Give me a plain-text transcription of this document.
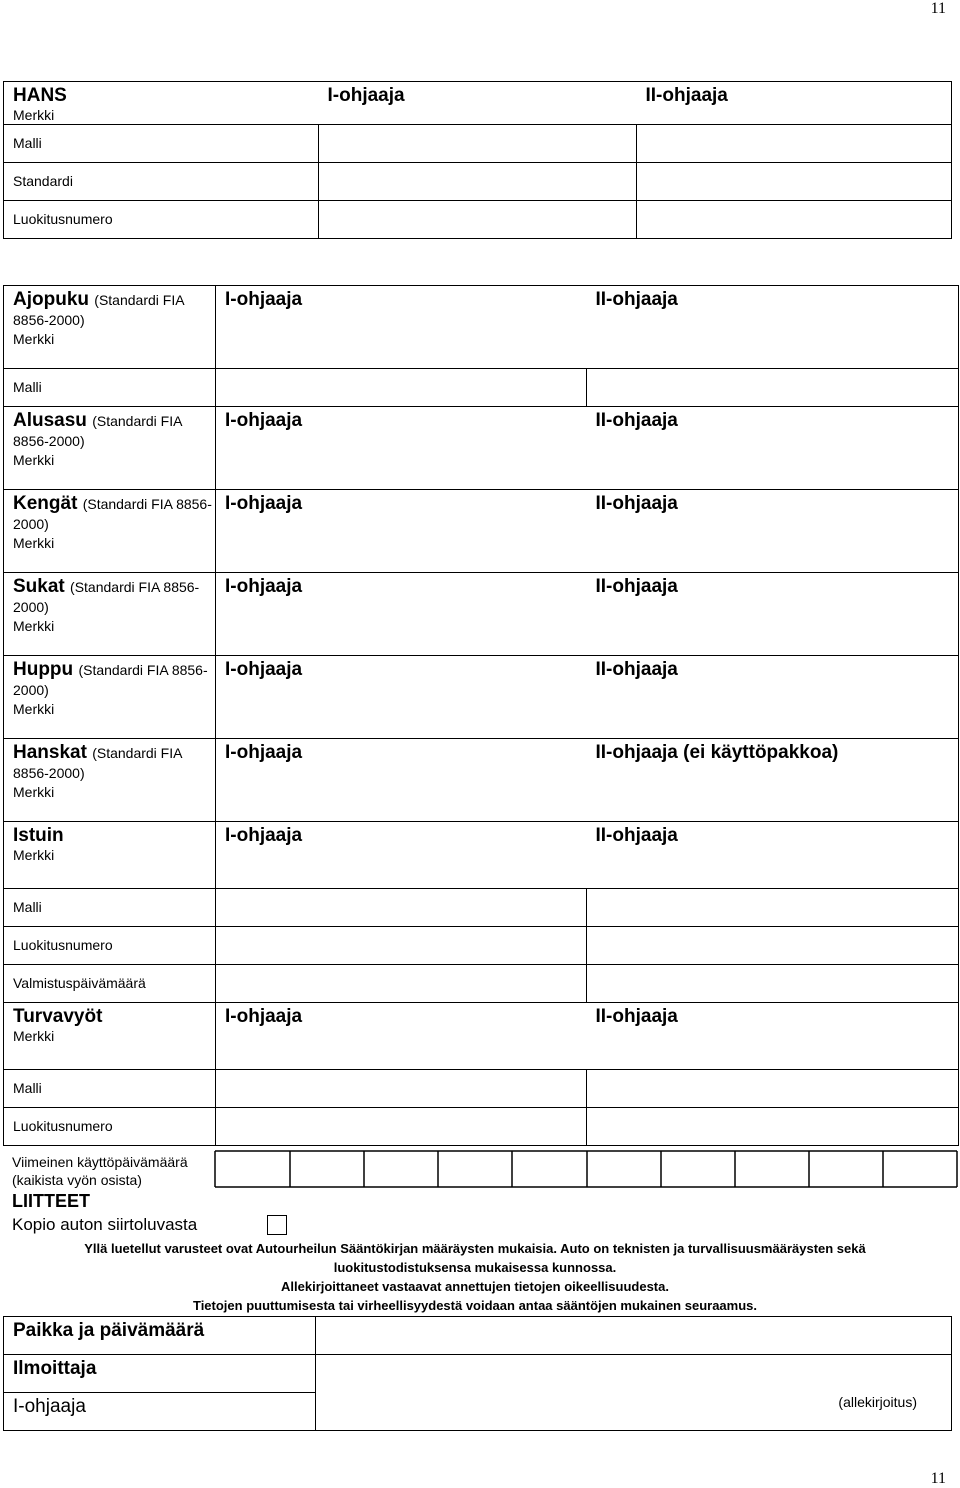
11
HANS
Merkki	I-ohjaaja	II-ohjaaja

Malli		

Standardi		

Luokitusnumero		

Ajopuku (Standardi FIA 8856-2000)
Merkki	I-ohjaaja	II-ohjaaja

Malli		

Alusasu (Standardi FIA 8856-2000)
Merkki	I-ohjaaja	II-ohjaaja

Kengät (Standardi FIA 8856-2000)
Merkki	I-ohjaaja	II-ohjaaja

Sukat (Standardi FIA 8856-2000)
Merkki	I-ohjaaja	II-ohjaaja

Huppu (Standardi FIA 8856-2000)
Merkki	I-ohjaaja	II-ohjaaja

Hanskat (Standardi FIA 8856-2000)
Merkki	I-ohjaaja	II-ohjaaja (ei käyttöpakkoa)

Istuin
Merkki	I-ohjaaja	II-ohjaaja

Malli		

Luokitusnumero		

Valmistuspäivämäärä		

Turvavyöt
Merkki	I-ohjaaja	II-ohjaaja

Malli		

Luokitusnumero		

Viimeinen käyttöpäivämäärä
(kaikista vyön osista)
LIITTEET
Kopio auton siirtoluvasta
Yllä luetellut varusteet ovat Autourheilun Sääntökirjan määräysten mukaisia. Auto on teknisten ja turvallisuusmääräysten sekä
luokitustodistuksensa mukaisessa kunnossa.
Allekirjoittaneet vastaavat annettujen tietojen oikeellisuudesta.
Tietojen puuttumisesta tai virheellisyydestä voidaan antaa sääntöjen mukainen seuraamus.
Paikka ja päivämäärä	

Ilmoittaja	(allekirjoitus)

I-ohjaaja	
11
